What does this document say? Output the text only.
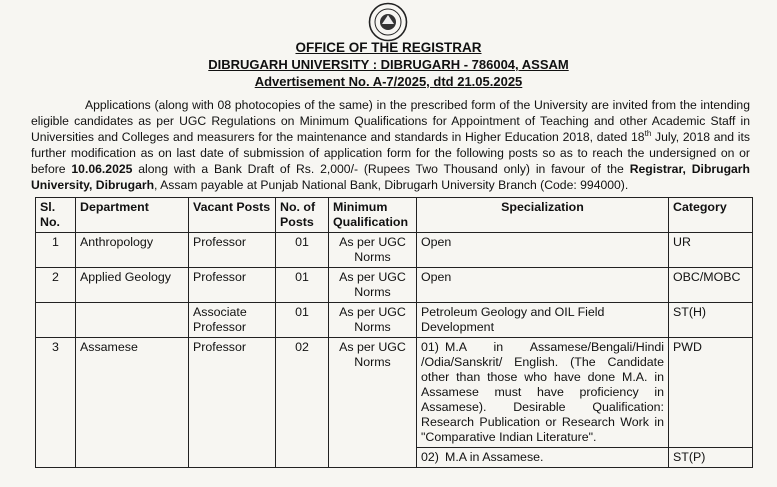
OFFICE OF THE REGISTRAR
DIBRUGARH UNIVERSITY : DIBRUGARH - 786004, ASSAM
Advertisement No. A-7/2025, dtd 21.05.2025

Applications (along with 08 photocopies of the same) in the prescribed form of the University are invited from the intending eligible candidates as per UGC Regulations on Minimum Qualifications for Appointment of Teaching and other Academic Staff in Universities and Colleges and measurers for the maintenance and standards in Higher Education 2018, dated 18th July, 2018 and its further modification as on last date of submission of application form for the following posts so as to reach the undersigned on or before 10.06.2025 along with a Bank Draft of Rs. 2,000/- (Rupees Two Thousand only) in favour of the Registrar, Dibrugarh University, Dibrugarh, Assam payable at Punjab National Bank, Dibrugarh University Branch (Code: 994000).

Sl. No.	Department	Vacant Posts	No. of Posts	Minimum Qualification	Specialization	Category
1	Anthropology	Professor	01	As per UGC Norms	Open	UR
2	Applied Geology	Professor	01	As per UGC Norms	Open	OBC/MOBC
		Associate Professor	01	As per UGC Norms	Petroleum Geology and OIL Field Development	ST(H)
3	Assamese	Professor	02	As per UGC Norms	01) M.A in Assamese/Bengali/Hindi /Odia/Sanskrit/ English. (The Candidate other than those who have done M.A. in Assamese must have proficiency in Assamese). Desirable Qualification: Research Publication or Research Work in "Comparative Indian Literature".	PWD
					02) M.A in Assamese.	ST(P)
